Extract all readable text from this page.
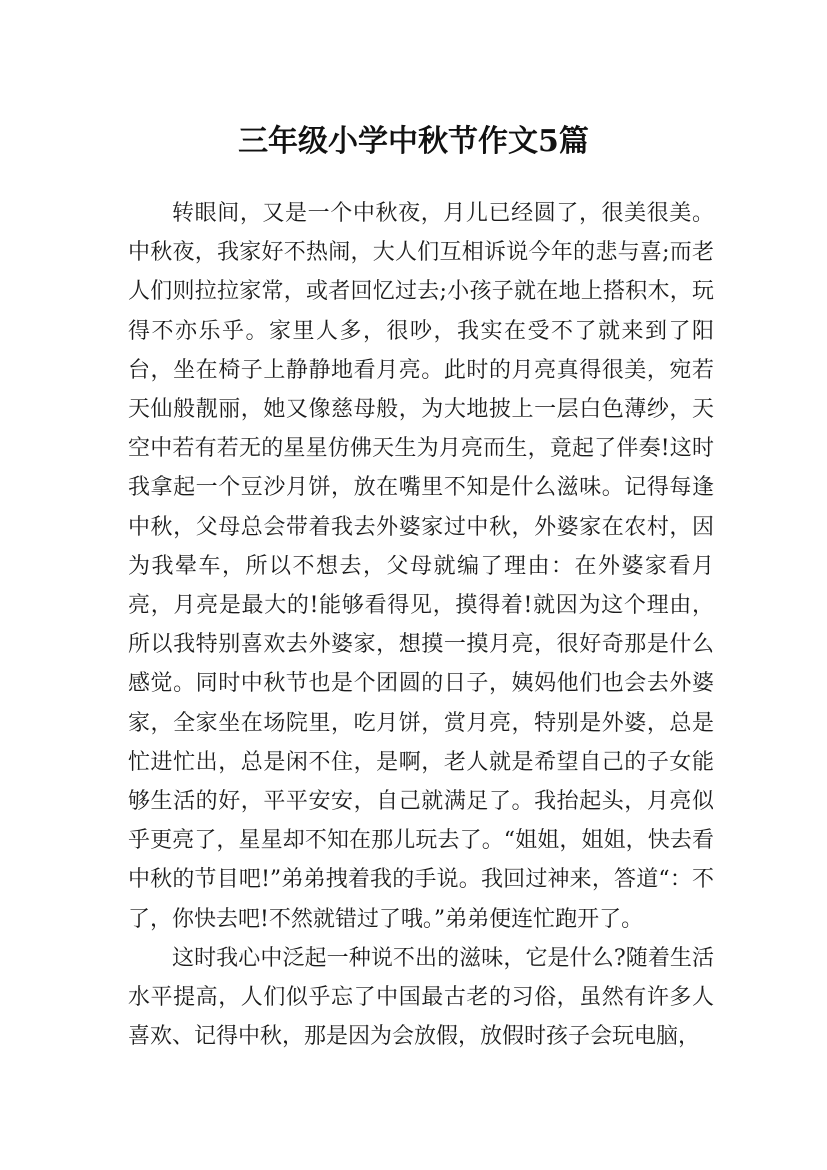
三年级小学中秋节作文5篇

转眼间，又是一个中秋夜，月儿已经圆了，很美很美。中秋夜，我家好不热闹，大人们互相诉说今年的悲与喜;而老人们则拉拉家常，或者回忆过去;小孩子就在地上搭积木，玩得不亦乐乎。家里人多，很吵，我实在受不了就来到了阳台，坐在椅子上静静地看月亮。此时的月亮真得很美，宛若天仙般靓丽，她又像慈母般，为大地披上一层白色薄纱，天空中若有若无的星星仿佛天生为月亮而生，竟起了伴奏!这时我拿起一个豆沙月饼，放在嘴里不知是什么滋味。记得每逢中秋，父母总会带着我去外婆家过中秋，外婆家在农村，因为我晕车，所以不想去，父母就编了理由：在外婆家看月亮，月亮是最大的!能够看得见，摸得着!就因为这个理由，所以我特别喜欢去外婆家，想摸一摸月亮，很好奇那是什么感觉。同时中秋节也是个团圆的日子，姨妈他们也会去外婆家，全家坐在场院里，吃月饼，赏月亮，特别是外婆，总是忙进忙出，总是闲不住，是啊，老人就是希望自己的子女能够生活的好，平平安安，自己就满足了。我抬起头，月亮似乎更亮了，星星却不知在那儿玩去了。“姐姐，姐姐，快去看中秋的节目吧!”弟弟拽着我的手说。我回过神来，答道“：不了，你快去吧!不然就错过了哦。”弟弟便连忙跑开了。

这时我心中泛起一种说不出的滋味，它是什么?随着生活水平提高，人们似乎忘了中国最古老的习俗，虽然有许多人喜欢、记得中秋，那是因为会放假，放假时孩子会玩电脑，
